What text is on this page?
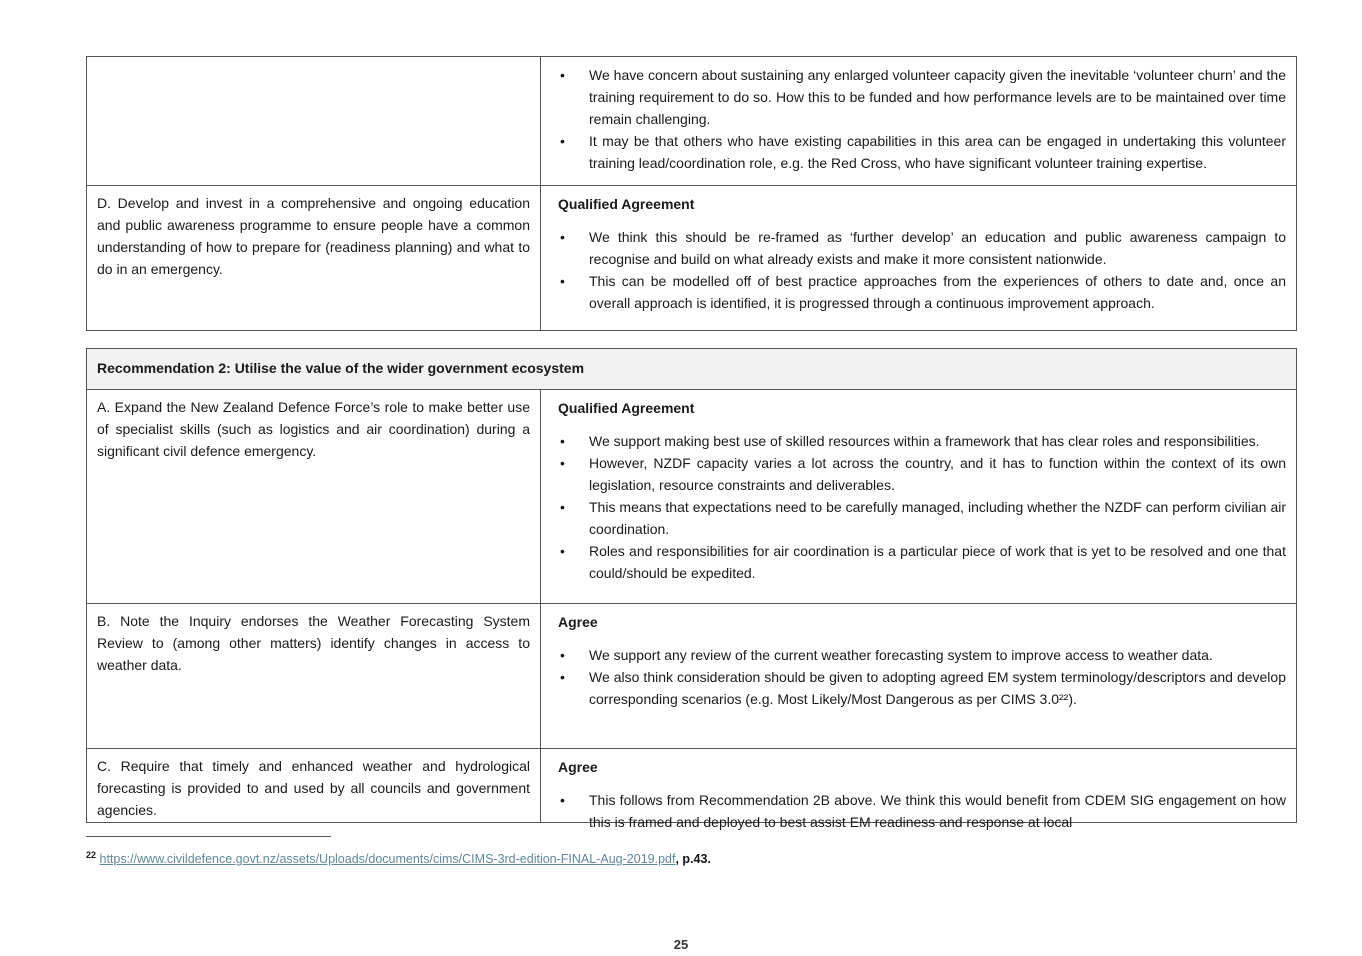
• We have concern about sustaining any enlarged volunteer capacity given the inevitable ‘volunteer churn’ and the training requirement to do so. How this to be funded and how performance levels are to be maintained over time remain challenging.
• It may be that others who have existing capabilities in this area can be engaged in undertaking this volunteer training lead/coordination role, e.g. the Red Cross, who have significant volunteer training expertise.
D. Develop and invest in a comprehensive and ongoing education and public awareness programme to ensure people have a common understanding of how to prepare for (readiness planning) and what to do in an emergency.

Qualified Agreement

• We think this should be re-framed as ‘further develop’ an education and public awareness campaign to recognise and build on what already exists and make it more consistent nationwide.
• This can be modelled off of best practice approaches from the experiences of others to date and, once an overall approach is identified, it is progressed through a continuous improvement approach.
Recommendation 2: Utilise the value of the wider government ecosystem
A. Expand the New Zealand Defence Force’s role to make better use of specialist skills (such as logistics and air coordination) during a significant civil defence emergency.

Qualified Agreement

• We support making best use of skilled resources within a framework that has clear roles and responsibilities.
• However, NZDF capacity varies a lot across the country, and it has to function within the context of its own legislation, resource constraints and deliverables.
• This means that expectations need to be carefully managed, including whether the NZDF can perform civilian air coordination.
• Roles and responsibilities for air coordination is a particular piece of work that is yet to be resolved and one that could/should be expedited.
B. Note the Inquiry endorses the Weather Forecasting System Review to (among other matters) identify changes in access to weather data.

Agree

• We support any review of the current weather forecasting system to improve access to weather data.
• We also think consideration should be given to adopting agreed EM system terminology/descriptors and develop corresponding scenarios (e.g. Most Likely/Most Dangerous as per CIMS 3.0²²).
C. Require that timely and enhanced weather and hydrological forecasting is provided to and used by all councils and government agencies.

Agree

• This follows from Recommendation 2B above. We think this would benefit from CDEM SIG engagement on how this is framed and deployed to best assist EM readiness and response at local
$^{22}$ https://www.civildefence.govt.nz/assets/Uploads/documents/cims/CIMS-3rd-edition-FINAL-Aug-2019.pdf, p.43.
25
